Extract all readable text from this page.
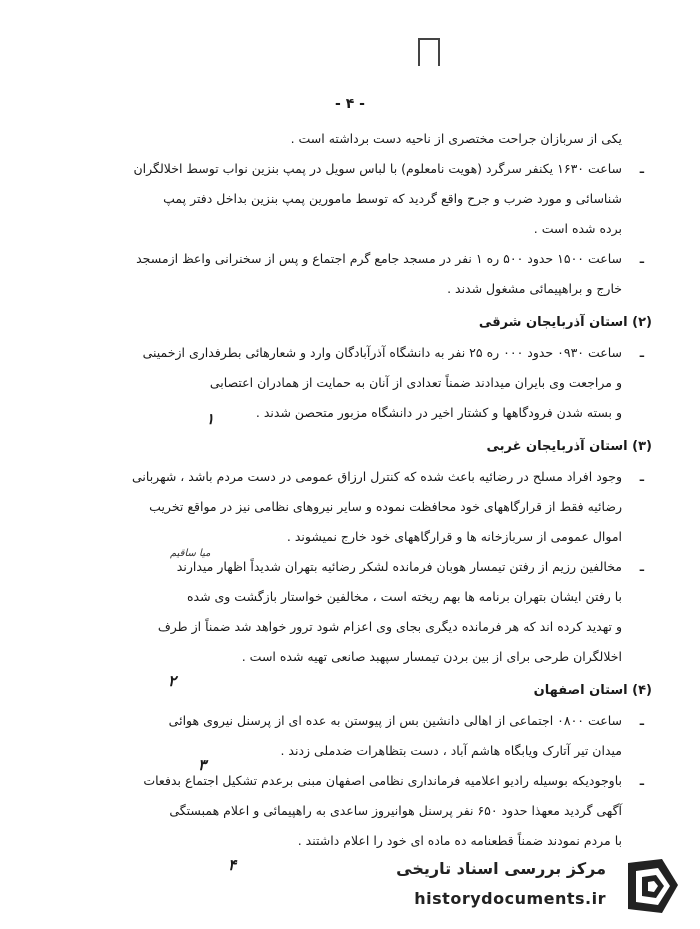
- ۴ -

یکی از سربازان جراحت مختصری از ناحیه دست برداشته است .

ـ
ساعت ۱۶۳۰ یکنفر سرگرد (هویت نامعلوم) با لباس سویل در پمپ بنزین نواب توسط اخلالگران
شناسائی و مورد ضرب و جرح واقع گردید که توسط مامورین پمپ بنزین بداخل دفتر پمپ
برده شده است .
ـ
ساعت ۱۵۰۰ حدود ۵۰۰ ره ۱ نفر در مسجد جامع گرم اجتماع و پس از سخنرانی واعظ ازمسجد
خارج و براهپیمائی مشغول شدند .

(۲) استان آذربایجان شرقی

ـ
ساعت ۰۹۳۰ حدود ۰۰۰ ره ۲۵ نفر به دانشگاه آذرآبادگان وارد و شعارهائی بطرفداری ازخمینی
و مراجعت وی بایران میدادند ضمناً تعدادی از آنان به حمایت از همادران اعتصابی
و بسته شدن فرودگاهها و کشتار اخیر در دانشگاه مزبور متحصن شدند .

(۳) استان آذربایجان غربی

ـ
وجود افراد مسلح در رضائیه باعث شده که کنترل ارزاق عمومی در دست مردم باشد ، شهربانی
رضائیه فقط از قرارگاههای خود محافظت نموده و سایر نیروهای نظامی نیز در مواقع تخریب
اموال عمومی از سربازخانه ها و قرارگاههای خود خارج نمیشوند .
ـ
مخالفین رزیم از رفتن تیمسار هوبان فرمانده لشکر رضائیه بتهران شدیداً اظهار میدارند
با رفتن ایشان بتهران برنامه ها بهم ریخته است ، مخالفین خواستار بازگشت وی شده
و تهدید کرده اند که هر فرمانده دیگری بجای وی اعزام شود ترور خواهد شد ضمناً از طرف
اخلالگران طرحی برای از بین بردن تیمسار سپهبد صانعی تهیه شده است .

(۴) استان اصفهان

ـ
ساعت ۰۸۰۰ اجتماعی از اهالی دانشین بس از پیوستن به عده ای از پرسنل نیروی هوائی
میدان تیر آتارک ویابگاه هاشم آباد ، دست بتظاهرات ضدملی زدند .
ـ
باوجودیکه بوسیله رادیو اعلامیه فرمانداری نظامی اصفهان مبنی برعدم تشکیل اجتماع بدفعات
آگهی گردید معهذا حدود ۶۵۰ نفر پرسنل هوانیروز ساعدی به راهپیمائی و اعلام همبستگی
با مردم نمودند ضمناً قطعنامه ده ماده ای خود را اعلام داشتند .
۱
میا ساقیم
۲
۳
۴	مرکز بررسی اسناد تاریخی
historydocuments.ir
